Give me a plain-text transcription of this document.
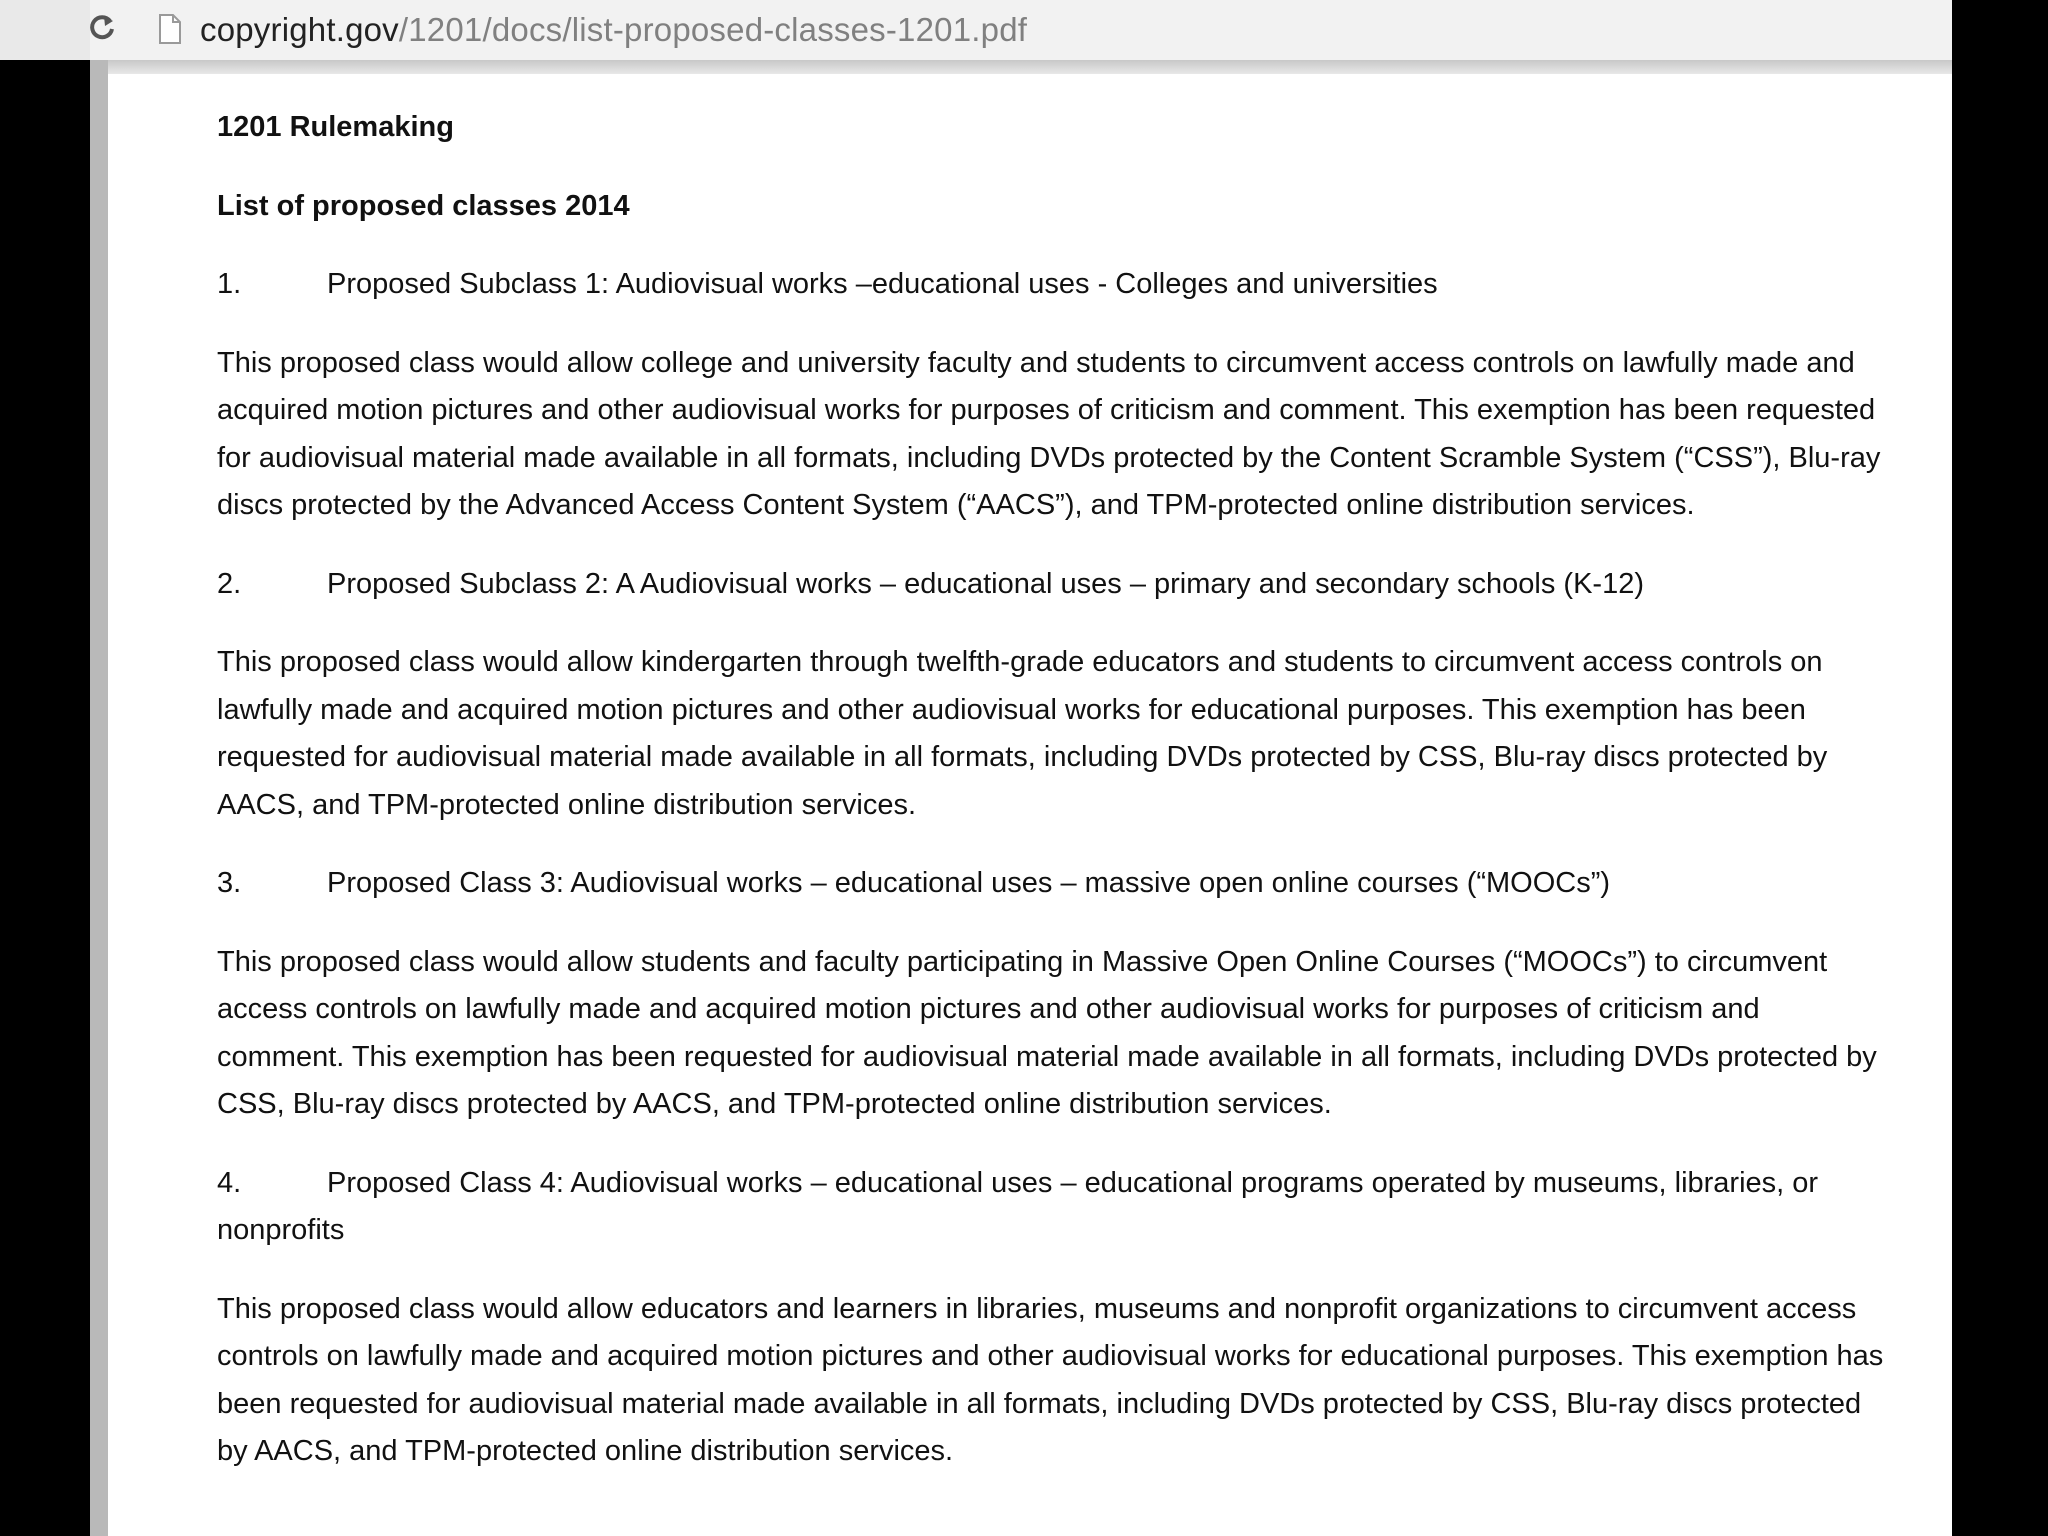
copyright.gov/1201/docs/list-proposed-classes-1201.pdf
1201 Rulemaking
List of proposed classes 2014
1.	Proposed Subclass 1: Audiovisual works –educational uses - Colleges and universities
This proposed class would allow college and university faculty and students to circumvent access controls on lawfully made and acquired motion pictures and other audiovisual works for purposes of criticism and comment. This exemption has been requested for audiovisual material made available in all formats, including DVDs protected by the Content Scramble System (“CSS”), Blu-ray discs protected by the Advanced Access Content System (“AACS”), and TPM-protected online distribution services.
2.	Proposed Subclass 2: A Audiovisual works – educational uses – primary and secondary schools (K-12)
This proposed class would allow kindergarten through twelfth-grade educators and students to circumvent access controls on lawfully made and acquired motion pictures and other audiovisual works for educational purposes. This exemption has been requested for audiovisual material made available in all formats, including DVDs protected by CSS, Blu-ray discs protected by AACS, and TPM-protected online distribution services.
3.	Proposed Class 3: Audiovisual works – educational uses – massive open online courses (“MOOCs”)
This proposed class would allow students and faculty participating in Massive Open Online Courses (“MOOCs”) to circumvent access controls on lawfully made and acquired motion pictures and other audiovisual works for purposes of criticism and comment. This exemption has been requested for audiovisual material made available in all formats, including DVDs protected by CSS, Blu-ray discs protected by AACS, and TPM-protected online distribution services.
4.	Proposed Class 4: Audiovisual works – educational uses – educational programs operated by museums, libraries, or nonprofits
This proposed class would allow educators and learners in libraries, museums and nonprofit organizations to circumvent access controls on lawfully made and acquired motion pictures and other audiovisual works for educational purposes. This exemption has been requested for audiovisual material made available in all formats, including DVDs protected by CSS, Blu-ray discs protected by AACS, and TPM-protected online distribution services.
